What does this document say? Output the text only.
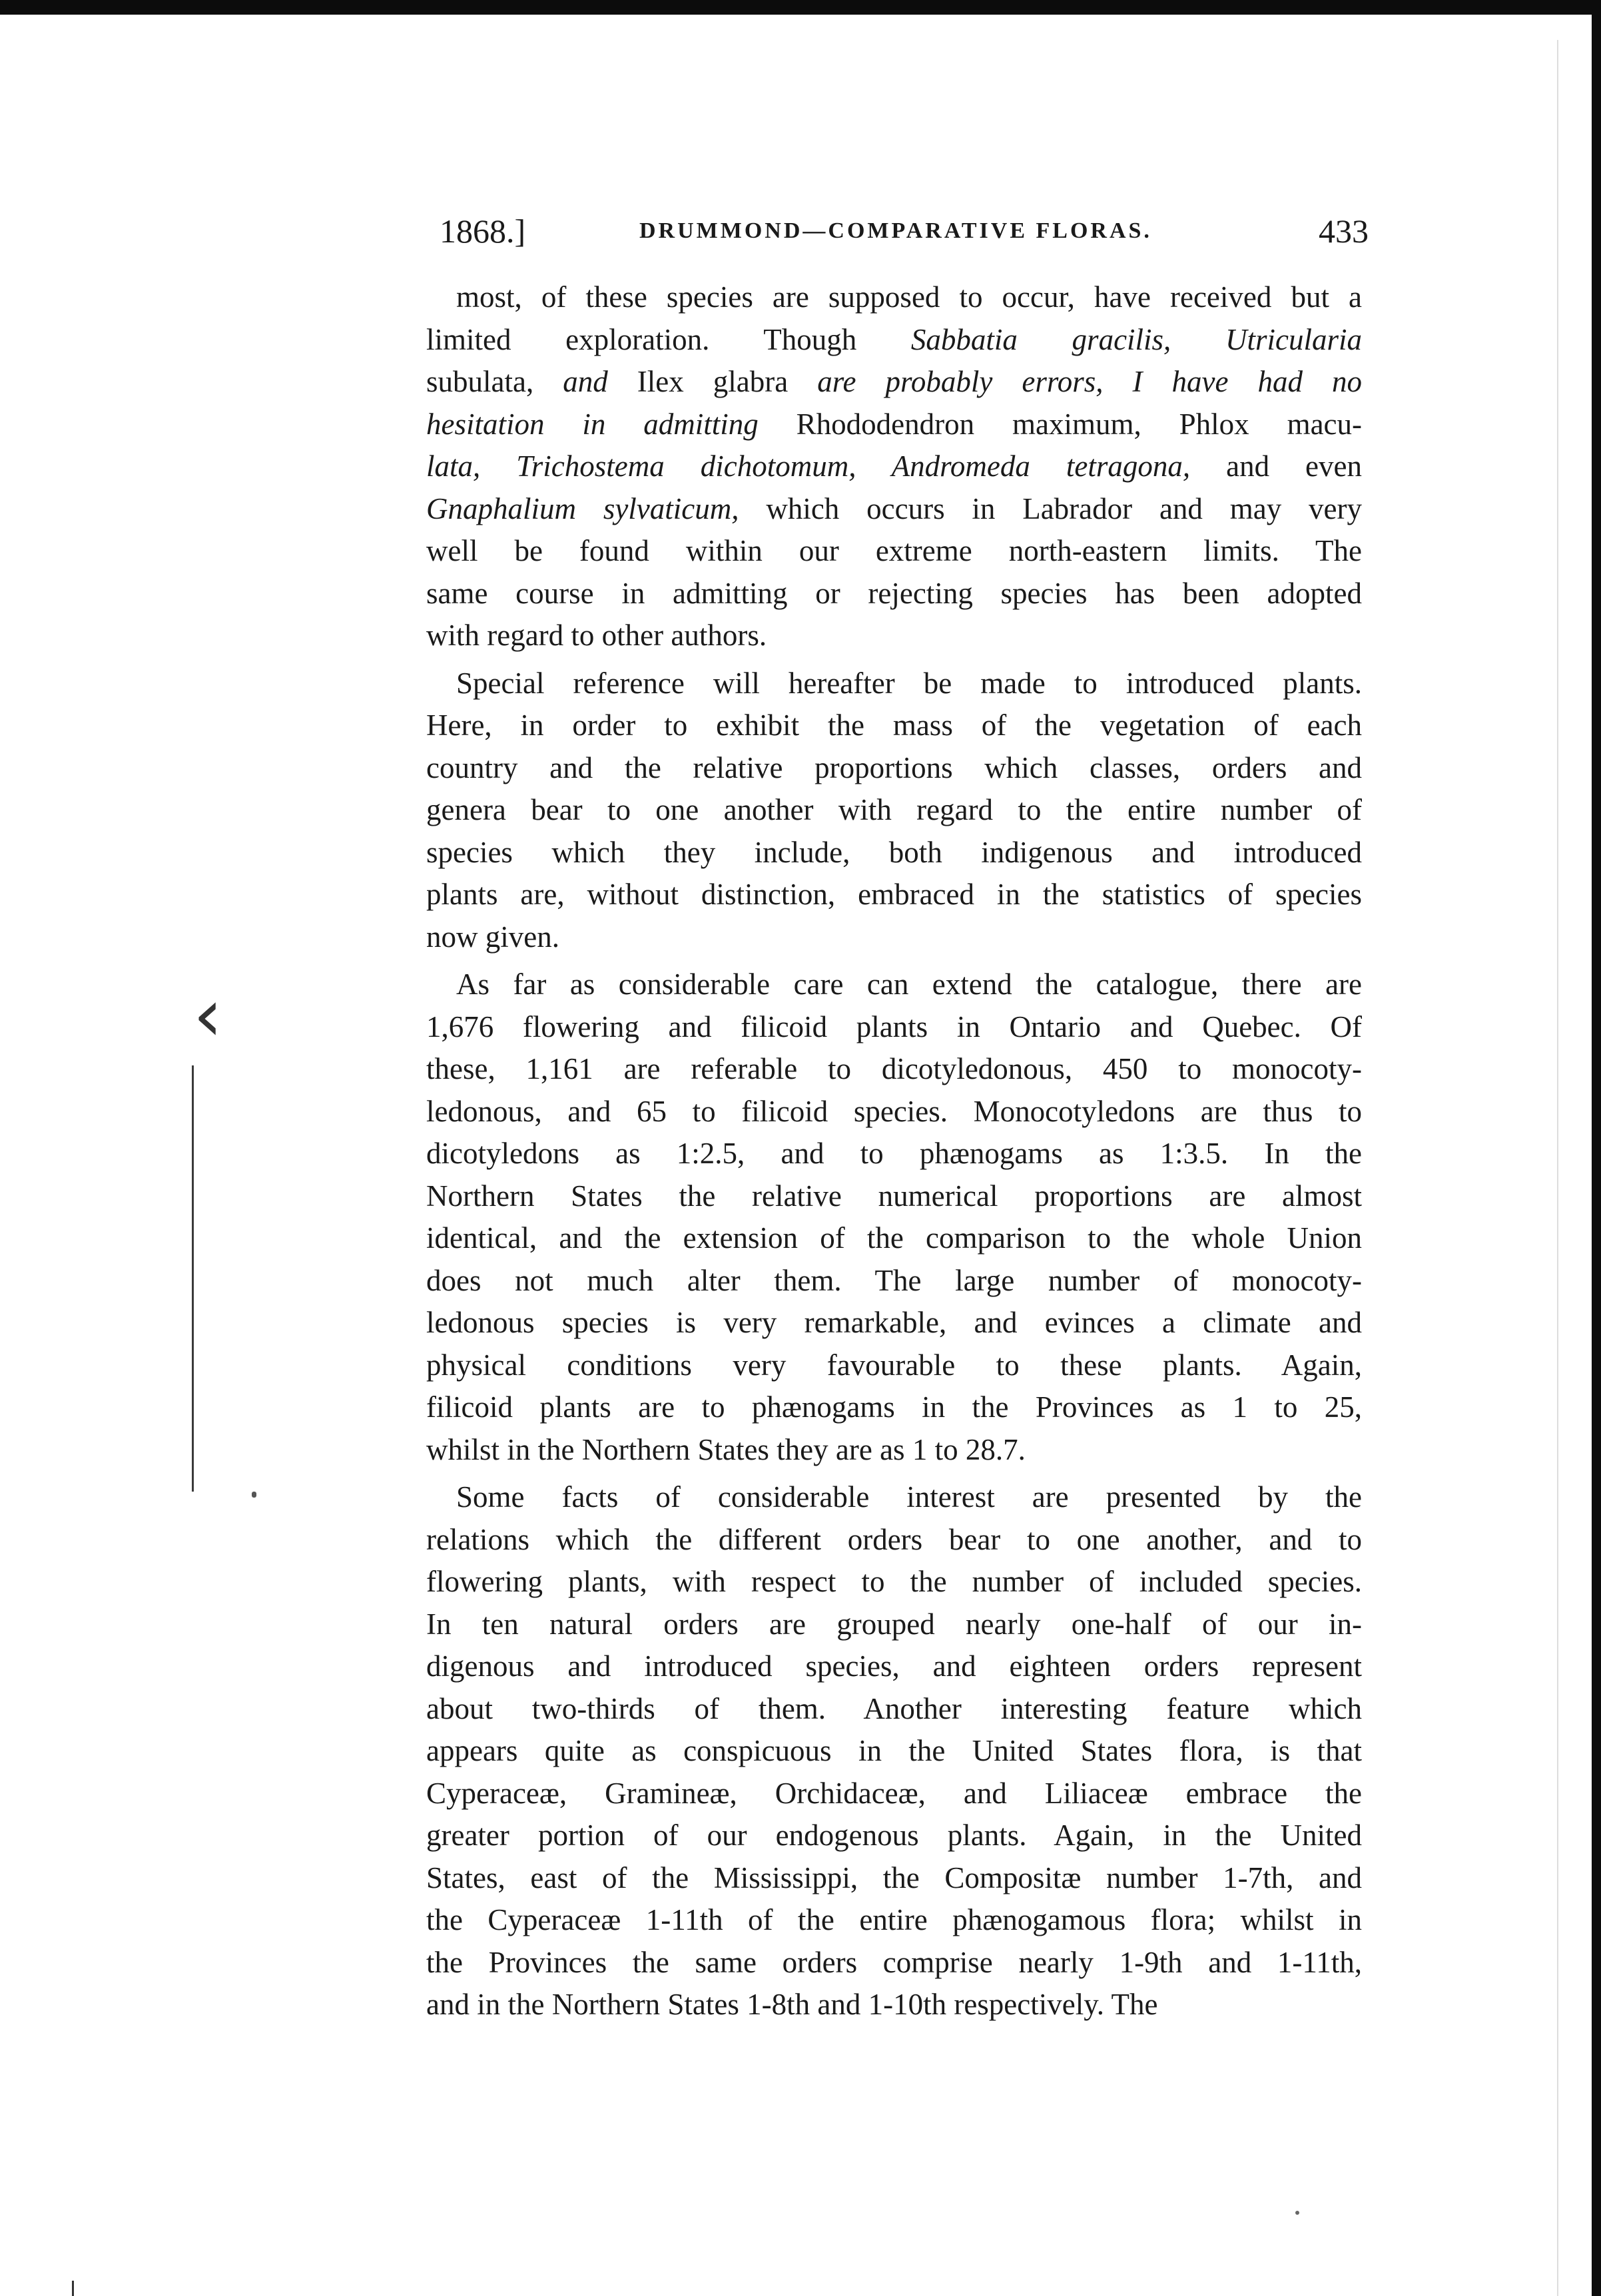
1868.]	DRUMMOND—COMPARATIVE FLORAS.	433
most, of these species are supposed to occur, have received but a
limited exploration. Though Sabbatia gracilis, Utricularia
subulata, and Ilex glabra are probably errors, I have had no
hesitation in admitting Rhododendron maximum, Phlox macu-
lata, Trichostema dichotomum, Andromeda tetragona, and even
Gnaphalium sylvaticum, which occurs in Labrador and may very
well be found within our extreme north-eastern limits. The
same course in admitting or rejecting species has been adopted
with regard to other authors.
Special reference will hereafter be made to introduced plants.
Here, in order to exhibit the mass of the vegetation of each
country and the relative proportions which classes, orders and
genera bear to one another with regard to the entire number of
species which they include, both indigenous and introduced
plants are, without distinction, embraced in the statistics of species
now given.
As far as considerable care can extend the catalogue, there are
1,676 flowering and filicoid plants in Ontario and Quebec. Of
these, 1,161 are referable to dicotyledonous, 450 to monocoty-
ledonous, and 65 to filicoid species. Monocotyledons are thus to
dicotyledons as 1:2.5, and to phænogams as 1:3.5. In the
Northern States the relative numerical proportions are almost
identical, and the extension of the comparison to the whole Union
does not much alter them. The large number of monocoty-
ledonous species is very remarkable, and evinces a climate and
physical conditions very favourable to these plants. Again,
filicoid plants are to phænogams in the Provinces as 1 to 25,
whilst in the Northern States they are as 1 to 28.7.
Some facts of considerable interest are presented by the
relations which the different orders bear to one another, and to
flowering plants, with respect to the number of included species.
In ten natural orders are grouped nearly one-half of our in-
digenous and introduced species, and eighteen orders represent
about two-thirds of them. Another interesting feature which
appears quite as conspicuous in the United States flora, is that
Cyperaceæ, Gramineæ, Orchidaceæ, and Liliaceæ embrace the
greater portion of our endogenous plants. Again, in the United
States, east of the Mississippi, the Compositæ number 1-7th, and
the Cyperaceæ 1-11th of the entire phænogamous flora; whilst in
the Provinces the same orders comprise nearly 1-9th and 1-11th,
and in the Northern States 1-8th and 1-10th respectively. The
‹
